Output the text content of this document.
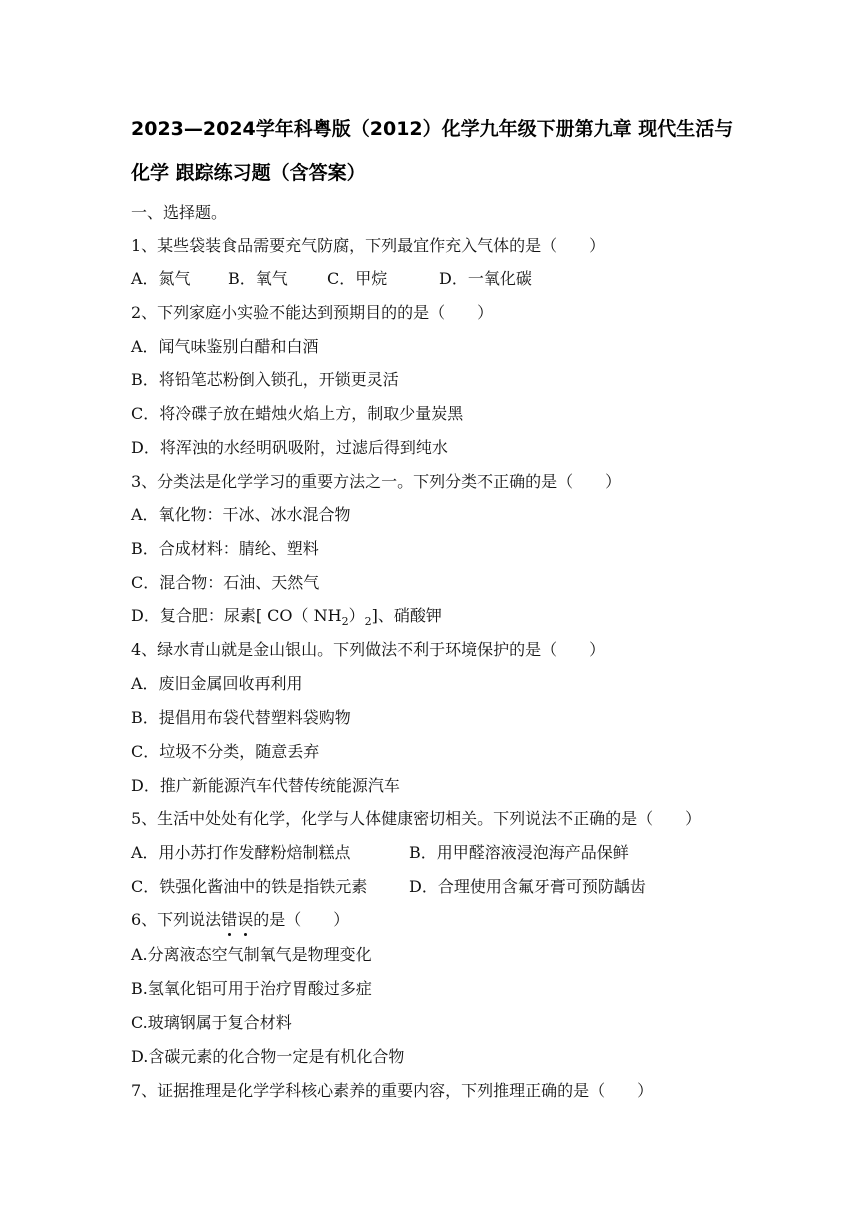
2023—2024学年科粤版（2012）化学九年级下册第九章 现代生活与
化学 跟踪练习题（含答案）
一、选择题。
1、某些袋装食品需要充气防腐，下列最宜作充入气体的是（　　）
A．氮气 B．氧气 C．甲烷	D．一氧化碳
2、下列家庭小实验不能达到预期目的的是（　　）
A．闻气味鉴别白醋和白酒
B．将铅笔芯粉倒入锁孔，开锁更灵活
C．将冷碟子放在蜡烛火焰上方，制取少量炭黑
D．将浑浊的水经明矾吸附，过滤后得到纯水
3、分类法是化学学习的重要方法之一。下列分类不正确的是（　　）
A．氧化物：干冰、冰水混合物
B．合成材料：腈纶、塑料
C．混合物：石油、天然气
D．复合肥：尿素[ CO（ $NH_2)_2$]、硝酸钾
4、绿水青山就是金山银山。下列做法不利于环境保护的是（　　）
A．废旧金属回收再利用
B．提倡用布袋代替塑料袋购物
C．垃圾不分类，随意丢弃
D．推广新能源汽车代替传统能源汽车
5、生活中处处有化学，化学与人体健康密切相关。下列说法不正确的是（　　）
A．用小苏打作发酵粉焙制糕点	B．用甲醛溶液浸泡海产品保鲜
C．铁强化酱油中的铁是指铁元素	D．合理使用含氟牙膏可预防龋齿
6、下列说法错误的是（　　）
A.分离液态空气制氧气是物理变化
B.氢氧化铝可用于治疗胃酸过多症
C.玻璃钢属于复合材料
D.含碳元素的化合物一定是有机化合物
7、证据推理是化学学科核心素养的重要内容，下列推理正确的是（　　）
